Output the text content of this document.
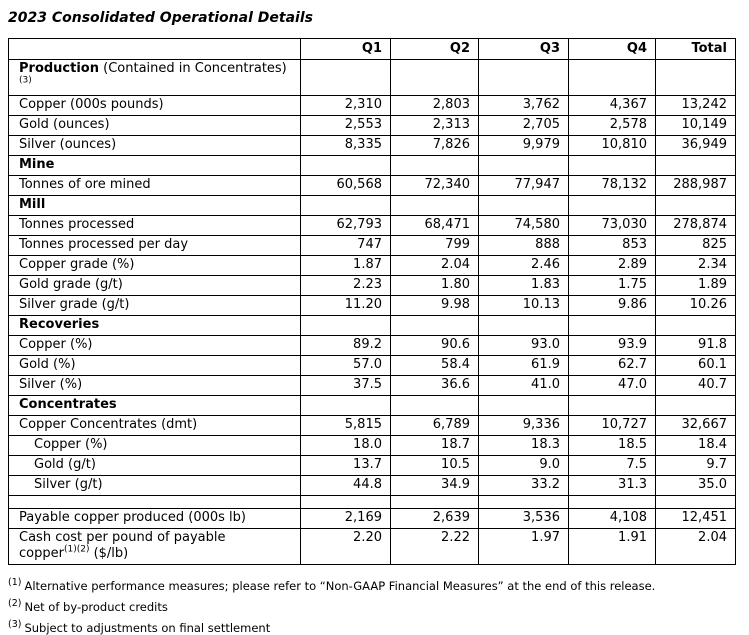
2023 Consolidated Operational Details

	Q1	Q2	Q3	Q4	Total
Production (Contained in Concentrates)
$^{(3)}$					
Copper (000s pounds)	2,310	2,803	3,762	4,367	13,242
Gold (ounces)	2,553	2,313	2,705	2,578	10,149
Silver (ounces)	8,335	7,826	9,979	10,810	36,949
Mine					
Tonnes of ore mined	60,568	72,340	77,947	78,132	288,987
Mill					
Tonnes processed	62,793	68,471	74,580	73,030	278,874
Tonnes processed per day	747	799	888	853	825
Copper grade (%)	1.87	2.04	2.46	2.89	2.34
Gold grade (g/t)	2.23	1.80	1.83	1.75	1.89
Silver grade (g/t)	11.20	9.98	10.13	9.86	10.26
Recoveries					
Copper (%)	89.2	90.6	93.0	93.9	91.8
Gold (%)	57.0	58.4	61.9	62.7	60.1
Silver (%)	37.5	36.6	41.0	47.0	40.7
Concentrates					
Copper Concentrates (dmt)	5,815	6,789	9,336	10,727	32,667
Copper (%)	18.0	18.7	18.3	18.5	18.4
Gold (g/t)	13.7	10.5	9.0	7.5	9.7
Silver (g/t)	44.8	34.9	33.2	31.3	35.0

Payable copper produced (000s lb)	2,169	2,639	3,536	4,108	12,451
Cash cost per pound of payable
copper$^{(1)(2)}$ ($/lb)	2.20	2.22	1.97	1.91	2.04

$^{(1)}$ Alternative performance measures; please refer to “Non-GAAP Financial Measures” at the end of this release.

$^{(2)}$ Net of by-product credits

$^{(3)}$ Subject to adjustments on final settlement
